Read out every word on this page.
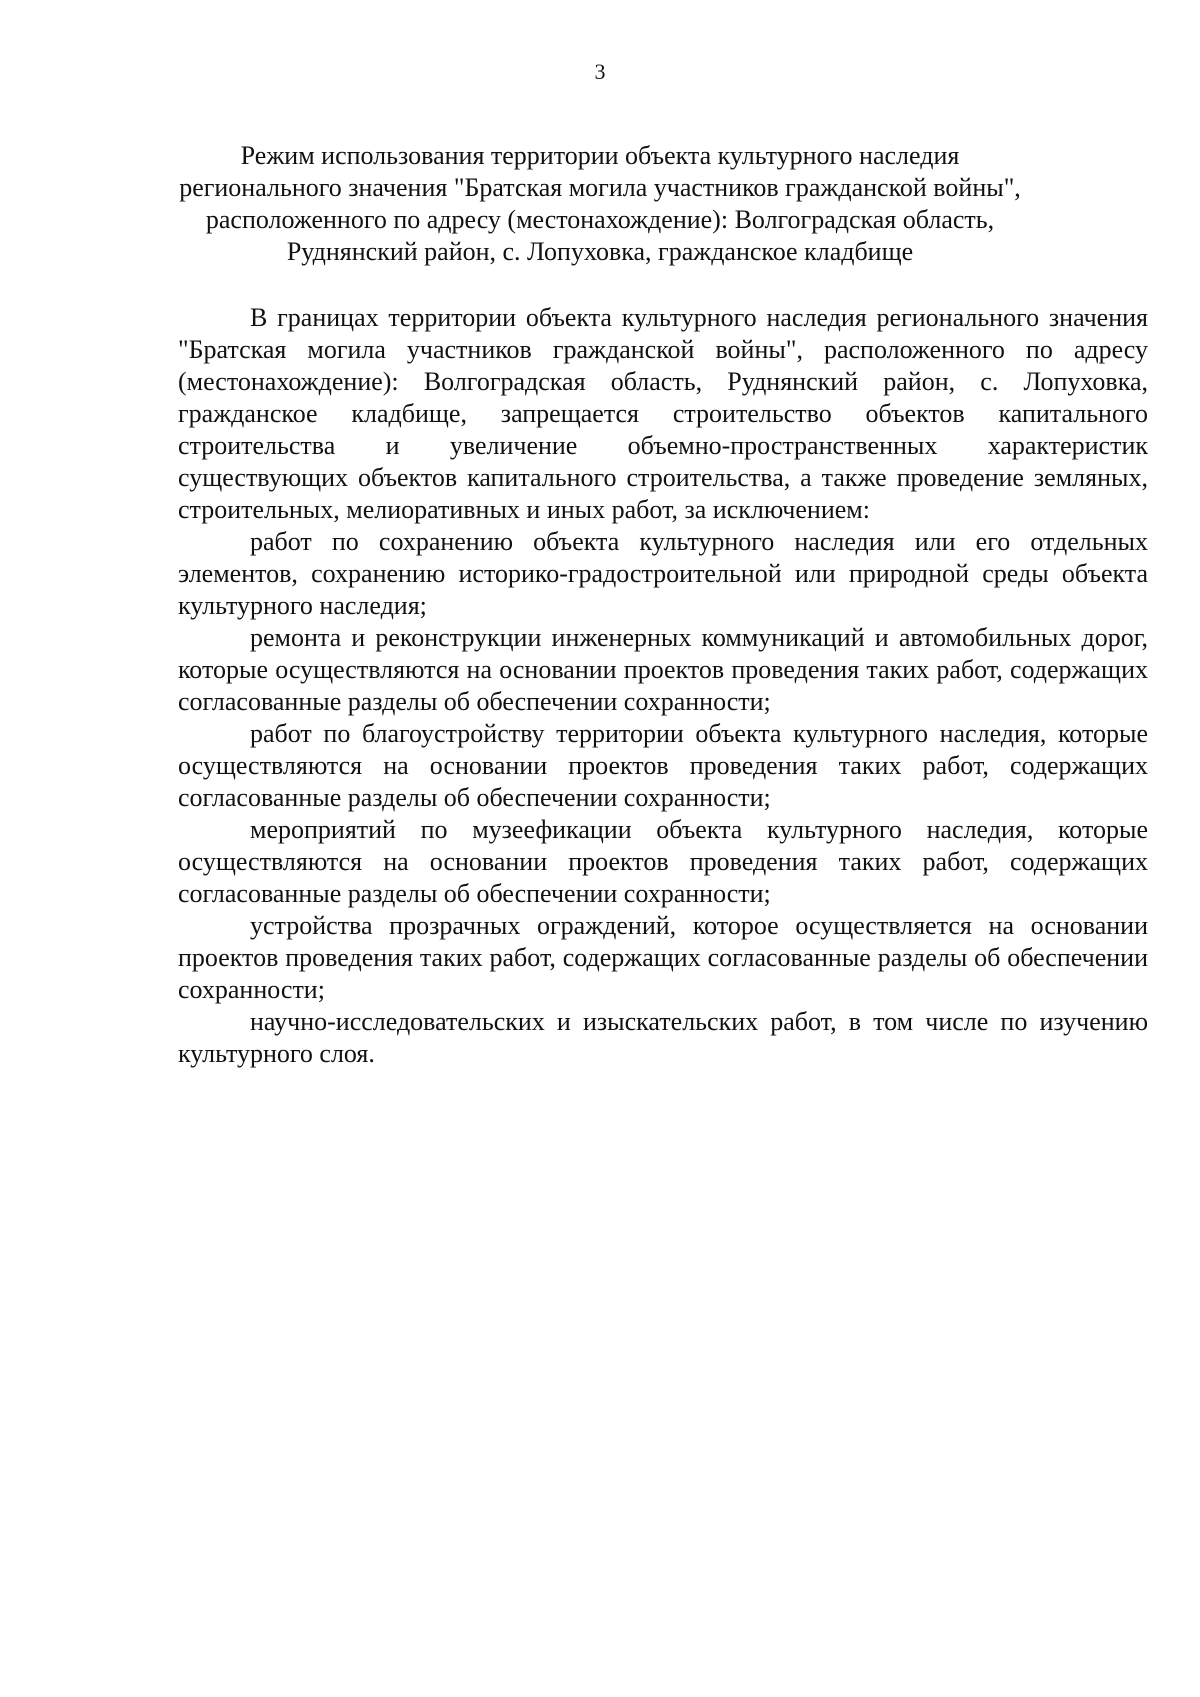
3
Режим использования территории объекта культурного наследия
регионального значения "Братская могила участников гражданской войны",
расположенного по адресу (местонахождение): Волгоградская область,
Руднянский район, с. Лопуховка, гражданское кладбище

В границах территории объекта культурного наследия регионального значения "Братская могила участников гражданской войны", расположенного по адресу (местонахождение): Волгоградская область, Руднянский район, с. Лопуховка, гражданское кладбище, запрещается строительство объектов капитального строительства и увеличение объемно-пространственных характеристик существующих объектов капитального строительства, а также проведение земляных, строительных, мелиоративных и иных работ, за исключением:

работ по сохранению объекта культурного наследия или его отдельных элементов, сохранению историко-градостроительной или природной среды объекта культурного наследия;

ремонта и реконструкции инженерных коммуникаций и автомобильных дорог, которые осуществляются на основании проектов проведения таких работ, содержащих согласованные разделы об обеспечении сохранности;

работ по благоустройству территории объекта культурного наследия, которые осуществляются на основании проектов проведения таких работ, содержащих согласованные разделы об обеспечении сохранности;

мероприятий по музеефикации объекта культурного наследия, которые осуществляются на основании проектов проведения таких работ, содержащих согласованные разделы об обеспечении сохранности;

устройства прозрачных ограждений, которое осуществляется на основании проектов проведения таких работ, содержащих согласованные разделы об обеспечении сохранности;

научно-исследовательских и изыскательских работ, в том числе по изучению культурного слоя.
